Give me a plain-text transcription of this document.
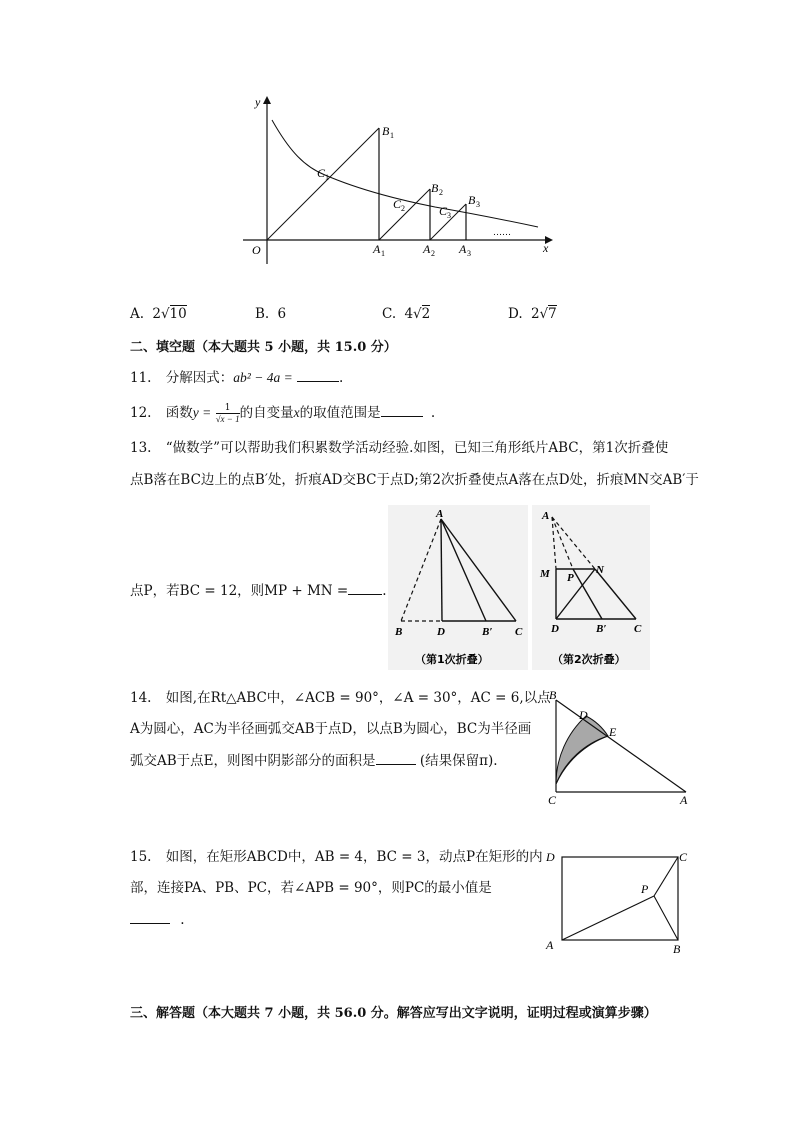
y
x
O
……
B 1
B 2
B 3
C 1
C 2	C 3
A 1	A 2 A 3
A. 2√10	B. 6	C. 4√2	D. 2√7
二、填空题（本大题共 5 小题，共 15.0 分）
11. 分解因式：ab² − 4a =	.
12. 函数$y = \frac{1}{√x - 1}$ 的自变量x的取值范围是	.
13. “做数学”可以帮助我们积累数学活动经验.如图，已知三角形纸片ABC，第1次折叠使
点B落在BC边上的点B′处，折痕AD交BC于点D;第2次折叠使点A落在点D处，折痕MN交AB′于
点P，若BC = 12，则MP + MN =	.
A
B	D	B′ C
（第1次折叠）
A
M P
N
D	B′	C
（第2次折叠）
14. 如图,在Rt△ABC中，∠ACB = 90°，∠A = 30°，AC = 6,以点
A为圆心，AC为半径画弧交AB于点D，以点B为圆心，BC为半径画
弧交AB于点E，则图中阴影部分的面积是	(结果保留π).
B
D
E
C	A
15. 如图，在矩形ABCD中，AB = 4，BC = 3，动点P在矩形的内
部，连接PA、PB、PC，若∠APB = 90°，则PC的最小值是
.
D	C
P
A	B
三、解答题（本大题共 7 小题，共 56.0 分。解答应写出文字说明，证明过程或演算步骤）
